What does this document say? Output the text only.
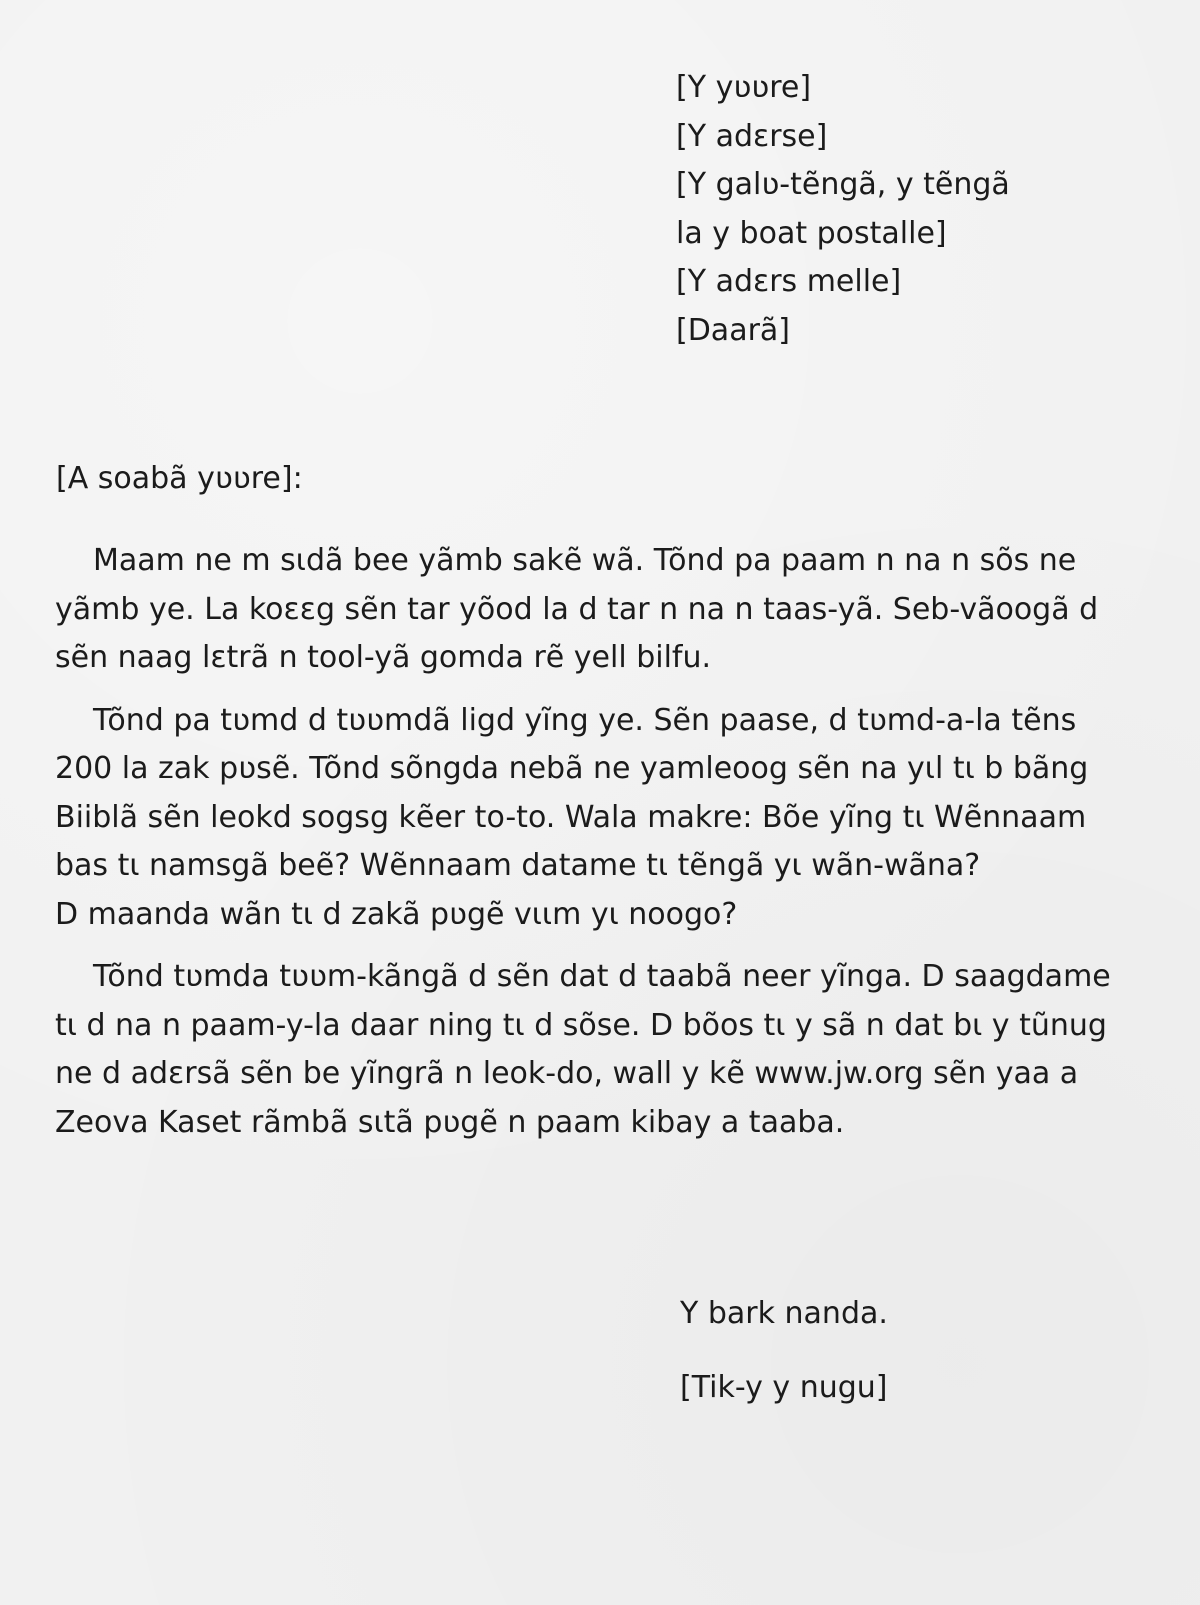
[Y yʋʋre]
[Y adɛrse]
[Y galʋ-tẽngã, y tẽngã
la y boat postalle]
[Y adɛrs melle]
[Daarã]
[A soabã yʋʋre]:

Maam ne m sɩdã bee yãmb sakẽ wã. Tõnd pa paam n na n sõs ne yãmb ye. La koɛɛg sẽn tar yõod la d tar n na n taas-yã. Seb-vãoogã d sẽn naag lɛtrã n tool-yã gomda rẽ yell bilfu.

Tõnd pa tʋmd d tʋʋmdã ligd yĩng ye. Sẽn paase, d tʋmd-a-la tẽns 200 la zak pʋsẽ. Tõnd sõngda nebã ne yamleoog sẽn na yɩl tɩ b bãng Biiblã sẽn leokd sogsg kẽer to-to. Wala makre: Bõe yĩng tɩ Wẽnnaam bas tɩ namsgã beẽ? Wẽnnaam datame tɩ tẽngã yɩ wãn-wãna?
D maanda wãn tɩ d zakã pʋgẽ vɩɩm yɩ noogo?

Tõnd tʋmda tʋʋm-kãngã d sẽn dat d taabã neer yĩnga. D saagdame tɩ d na n paam-y-la daar ning tɩ d sõse. D bõos tɩ y sã n dat bɩ y tũnug ne d adɛrsã sẽn be yĩngrã n leok-do, wall y kẽ www.jw.org sẽn yaa a Zeova Kaset rãmbã sɩtã pʋgẽ n paam kibay a taaba.

Y bark nanda.
[Tik-y y nugu]
